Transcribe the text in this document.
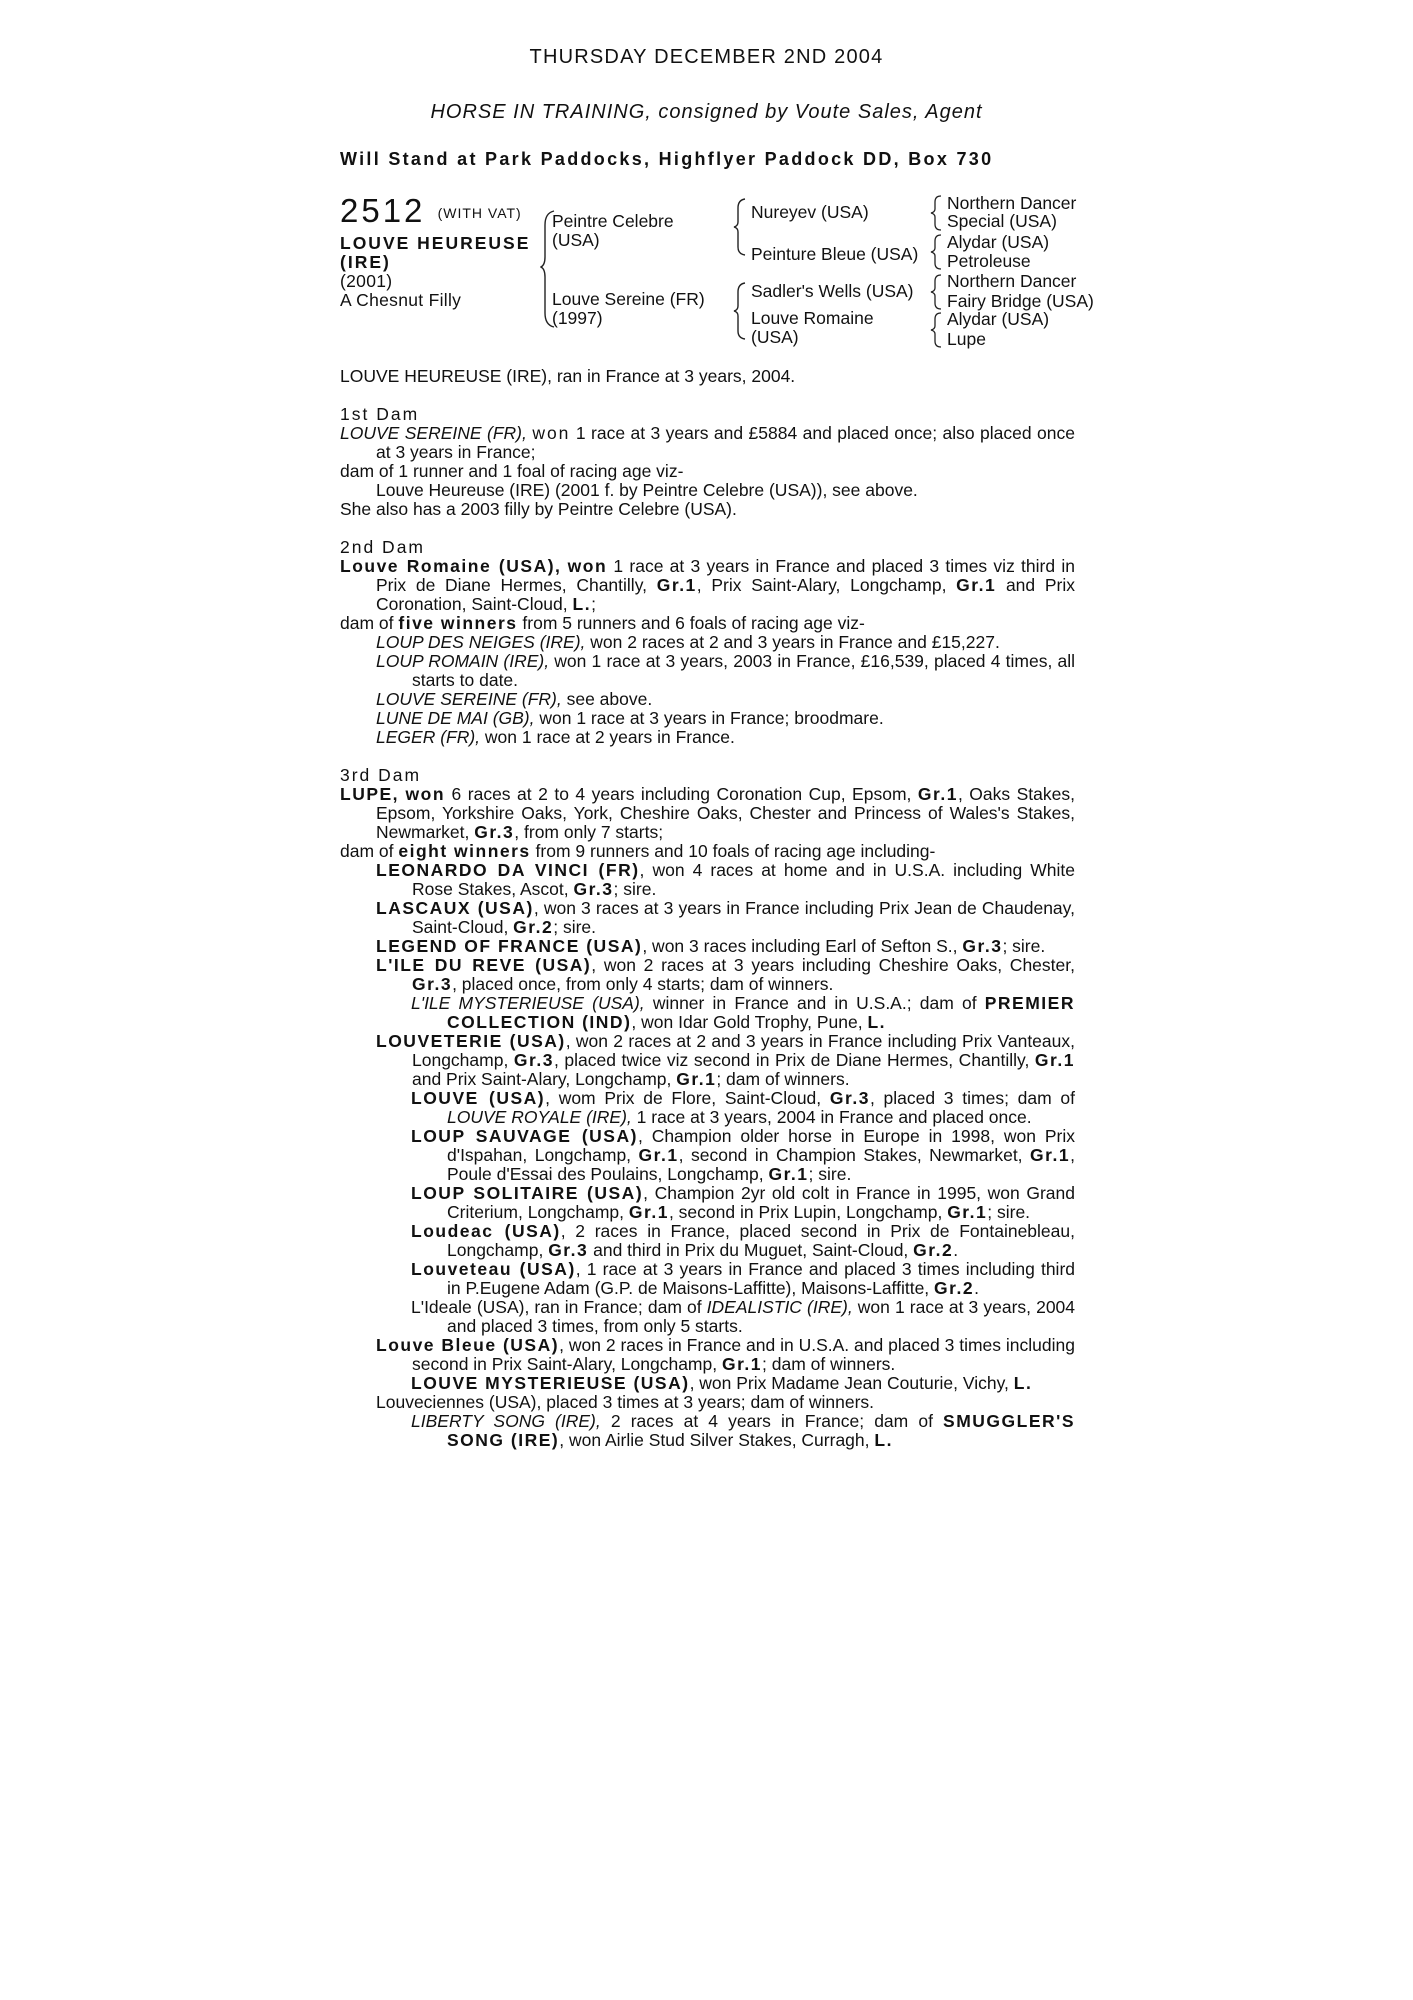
THURSDAY DECEMBER 2ND 2004
HORSE IN TRAINING, consigned by Voute Sales, Agent
Will Stand at Park Paddocks, Highflyer Paddock DD, Box 730
2512 (WITH VAT)
LOUVE HEUREUSE
(IRE)
(2001)
A Chesnut Filly
Peintre Celebre
(USA)
Louve Sereine (FR)
(1997)
Nureyev (USA)
Peinture Bleue (USA)
Sadler's Wells (USA)
Louve Romaine
(USA)
Northern Dancer
Special (USA)
Alydar (USA)
Petroleuse
Northern Dancer
Fairy Bridge (USA)
Alydar (USA)
Lupe
LOUVE HEUREUSE (IRE), ran in France at 3 years, 2004.

1st Dam

LOUVE SEREINE (FR), won 1 race at 3 years and £5884 and placed once; also placed once at 3 years in France;

dam of 1 runner and 1 foal of racing age viz-

Louve Heureuse (IRE) (2001 f. by Peintre Celebre (USA)), see above.

She also has a 2003 filly by Peintre Celebre (USA).

2nd Dam

Louve Romaine (USA), won 1 race at 3 years in France and placed 3 times viz third in Prix de Diane Hermes, Chantilly, Gr.1, Prix Saint-Alary, Longchamp, Gr.1 and Prix Coronation, Saint-Cloud, L.;

dam of five winners from 5 runners and 6 foals of racing age viz-

LOUP DES NEIGES (IRE), won 2 races at 2 and 3 years in France and £15,227.

LOUP ROMAIN (IRE), won 1 race at 3 years, 2003 in France, £16,539, placed 4 times, all starts to date.

LOUVE SEREINE (FR), see above.

LUNE DE MAI (GB), won 1 race at 3 years in France; broodmare.

LEGER (FR), won 1 race at 2 years in France.

3rd Dam

LUPE, won 6 races at 2 to 4 years including Coronation Cup, Epsom, Gr.1, Oaks Stakes, Epsom, Yorkshire Oaks, York, Cheshire Oaks, Chester and Princess of Wales's Stakes, Newmarket, Gr.3, from only 7 starts;

dam of eight winners from 9 runners and 10 foals of racing age including-

LEONARDO DA VINCI (FR), won 4 races at home and in U.S.A. including White Rose Stakes, Ascot, Gr.3; sire.

LASCAUX (USA), won 3 races at 3 years in France including Prix Jean de Chaudenay, Saint-Cloud, Gr.2; sire.

LEGEND OF FRANCE (USA), won 3 races including Earl of Sefton S., Gr.3; sire.

L'ILE DU REVE (USA), won 2 races at 3 years including Cheshire Oaks, Chester, Gr.3, placed once, from only 4 starts; dam of winners.

L'ILE MYSTERIEUSE (USA), winner in France and in U.S.A.; dam of PREMIER COLLECTION (IND), won Idar Gold Trophy, Pune, L.

LOUVETERIE (USA), won 2 races at 2 and 3 years in France including Prix Vanteaux, Longchamp, Gr.3, placed twice viz second in Prix de Diane Hermes, Chantilly, Gr.1 and Prix Saint-Alary, Longchamp, Gr.1; dam of winners.

LOUVE (USA), wom Prix de Flore, Saint-Cloud, Gr.3, placed 3 times; dam of LOUVE ROYALE (IRE), 1 race at 3 years, 2004 in France and placed once.

LOUP SAUVAGE (USA), Champion older horse in Europe in 1998, won Prix d'Ispahan, Longchamp, Gr.1, second in Champion Stakes, Newmarket, Gr.1, Poule d'Essai des Poulains, Longchamp, Gr.1; sire.

LOUP SOLITAIRE (USA), Champion 2yr old colt in France in 1995, won Grand Criterium, Longchamp, Gr.1, second in Prix Lupin, Longchamp, Gr.1; sire.

Loudeac (USA), 2 races in France, placed second in Prix de Fontainebleau, Longchamp, Gr.3 and third in Prix du Muguet, Saint-Cloud, Gr.2.

Louveteau (USA), 1 race at 3 years in France and placed 3 times including third in P.Eugene Adam (G.P. de Maisons-Laffitte), Maisons-Laffitte, Gr.2.

L'Ideale (USA), ran in France; dam of IDEALISTIC (IRE), won 1 race at 3 years, 2004 and placed 3 times, from only 5 starts.

Louve Bleue (USA), won 2 races in France and in U.S.A. and placed 3 times including second in Prix Saint-Alary, Longchamp, Gr.1; dam of winners.

LOUVE MYSTERIEUSE (USA), won Prix Madame Jean Couturie, Vichy, L.

Louveciennes (USA), placed 3 times at 3 years; dam of winners.

LIBERTY SONG (IRE), 2 races at 4 years in France; dam of SMUGGLER'S SONG (IRE), won Airlie Stud Silver Stakes, Curragh, L.
